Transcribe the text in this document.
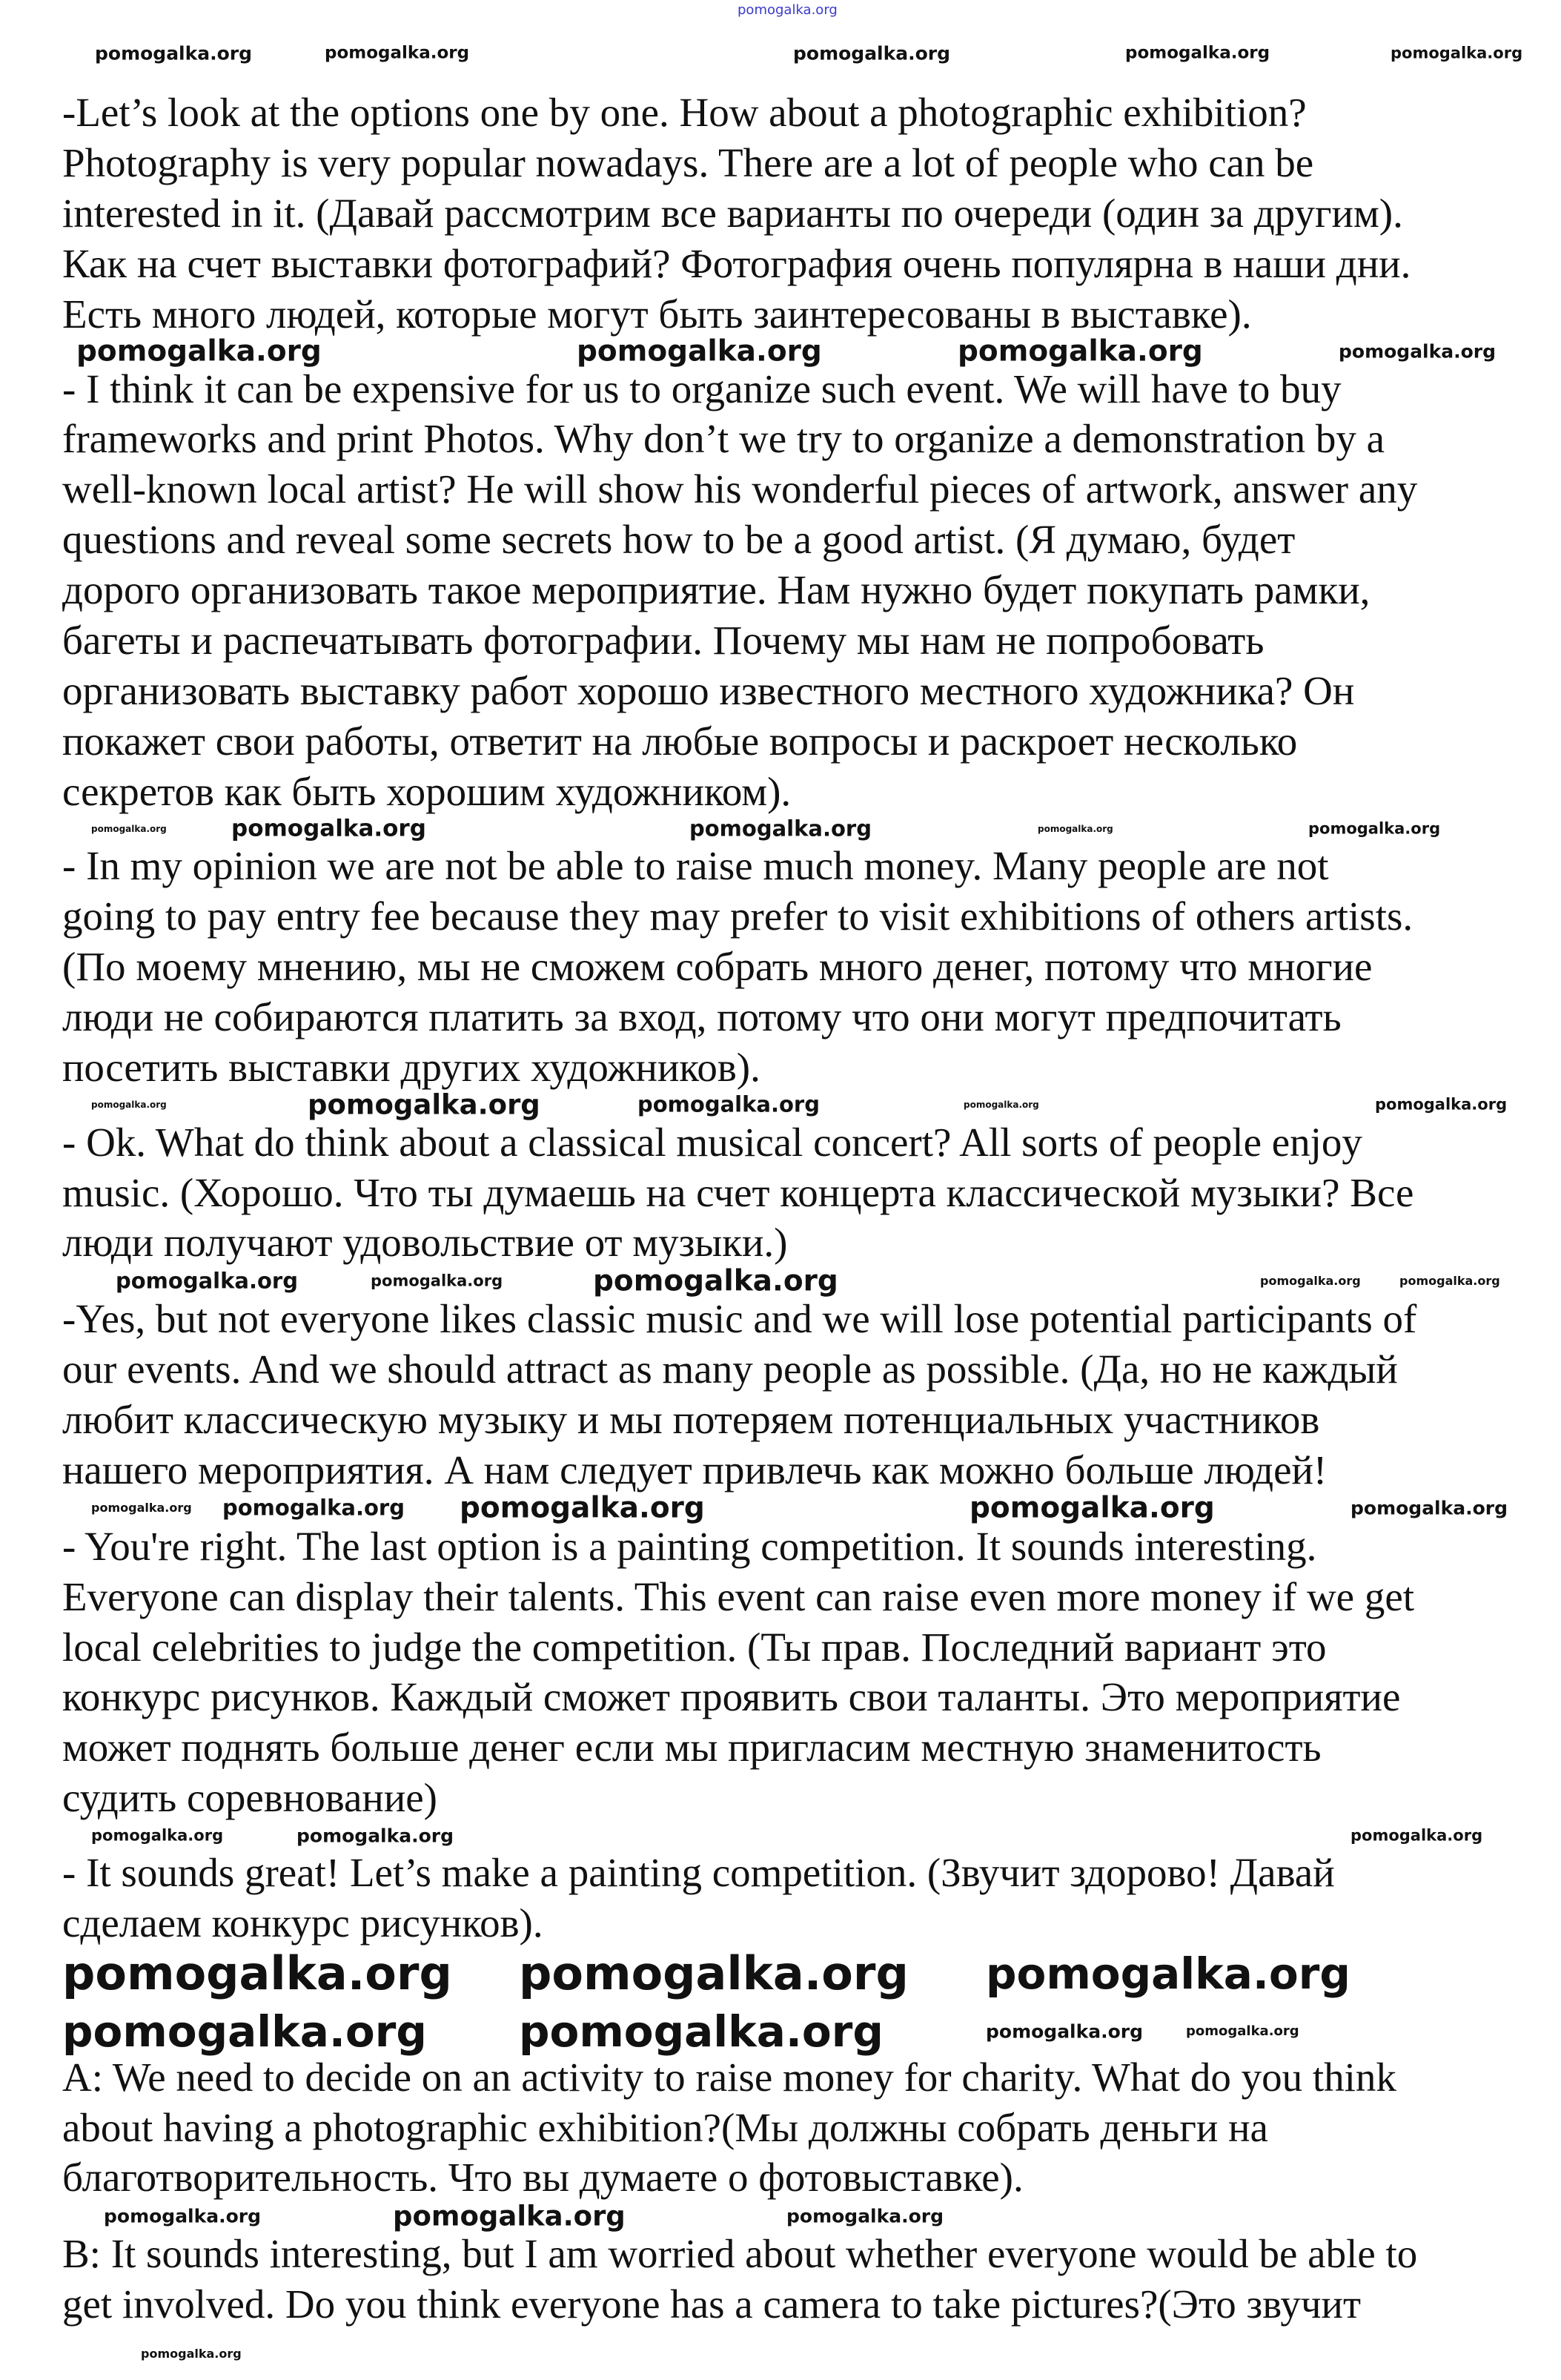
-Let’s look at the options one by one. How about a photographic exhibition?
Photography is very popular nowadays. There are a lot of people who can be
interested in it. (Давай рассмотрим все варианты по очереди (один за другим).
Как на счет выставки фотографий? Фотография очень популярна в наши дни.
Есть много людей, которые могут быть заинтересованы в выставке).
- I think it can be expensive for us to organize such event. We will have to buy
frameworks and print Photos. Why don’t we try to organize a demonstration by a
well-known local artist? He will show his wonderful pieces of artwork, answer any
questions and reveal some secrets how to be a good artist. (Я думаю, будет
дорого организовать такое мероприятие. Нам нужно будет покупать рамки,
багеты и распечатывать фотографии. Почему мы нам не попробовать
организовать выставку работ хорошо известного местного художника? Он
покажет свои работы, ответит на любые вопросы и раскроет несколько
секретов как быть хорошим художником).
- In my opinion we are not be able to raise much money. Many people are not
going to pay entry fee because they may prefer to visit exhibitions of others artists.
(По моему мнению, мы не сможем собрать много денег, потому что многие
люди не собираются платить за вход, потому что они могут предпочитать
посетить выставки других художников).
- Ok. What do think about a classical musical concert? All sorts of people enjoy
music. (Хорошо. Что ты думаешь на счет концерта классической музыки? Все
люди получают удовольствие от музыки.)
-Yes, but not everyone likes classic music and we will lose potential participants of
our events. And we should attract as many people as possible. (Да, но не каждый
любит классическую музыку и мы потеряем потенциальных участников
нашего мероприятия. А нам следует привлечь как можно больше людей!
- You're right. The last option is a painting competition. It sounds interesting.
Everyone can display their talents. This event can raise even more money if we get
local celebrities to judge the competition. (Ты прав. Последний вариант это
конкурс рисунков. Каждый сможет проявить свои таланты. Это мероприятие
может поднять больше денег если мы пригласим местную знаменитость
судить соревнование)
- It sounds great! Let’s make a painting competition. (Звучит здорово! Давай
сделаем конкурс рисунков).
A: We need to decide on an activity to raise money for charity. What do you think
about having a photographic exhibition?(Мы должны собрать деньги на
благотворительность. Что вы думаете о фотовыставке).
B: It sounds interesting, but I am worried about whether everyone would be able to
get involved. Do you think everyone has a camera to take pictures?(Это звучит
pomogalka.org
pomogalka.org	pomogalka.org	pomogalka.org	pomogalka.org	pomogalka.org
pomogalka.org	pomogalka.org	pomogalka.org	pomogalka.org
pomogalka.org	pomogalka.org	pomogalka.org	pomogalka.org	pomogalka.org
pomogalka.org	pomogalka.org	pomogalka.org	pomogalka.org	pomogalka.org
pomogalka.org	pomogalka.org	pomogalka.org	pomogalka.org	pomogalka.org
pomogalka.org pomogalka.org pomogalka.org	pomogalka.org	pomogalka.org
pomogalka.org	pomogalka.org	pomogalka.org
pomogalka.org pomogalka.org pomogalka.org
pomogalka.org pomogalka.org	pomogalka.org	pomogalka.org
pomogalka.org	pomogalka.org	pomogalka.org
pomogalka.org
